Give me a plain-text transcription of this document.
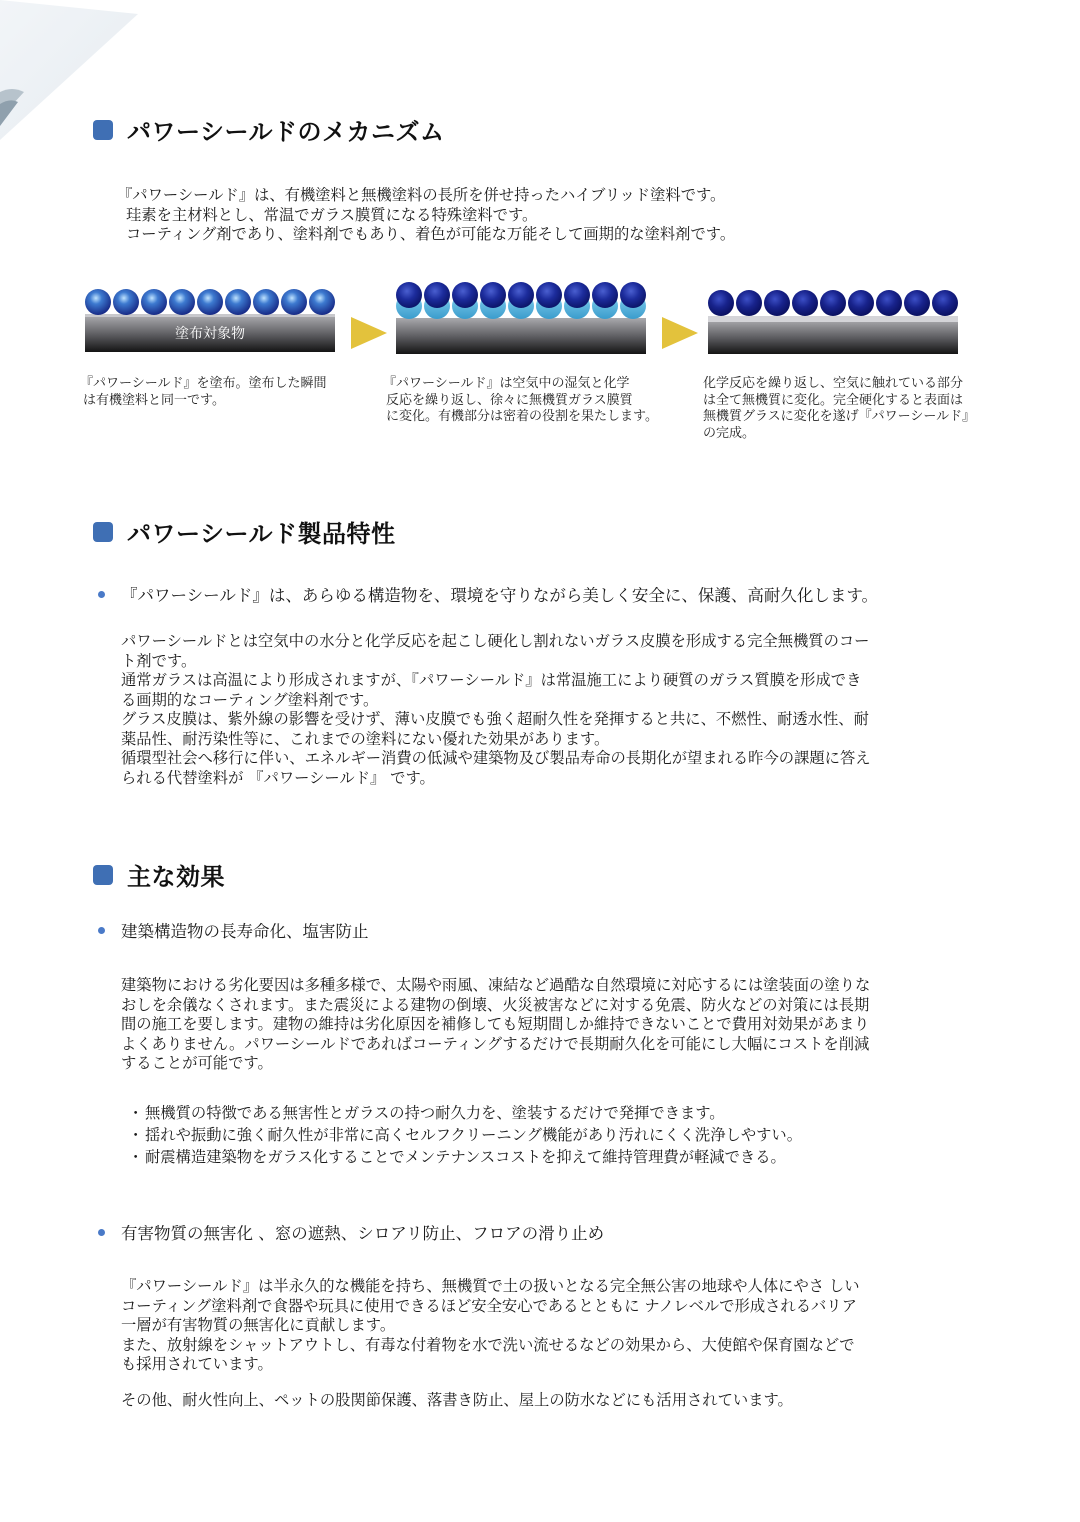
パワーシールドのメカニズム
『パワーシールド』は、有機塗料と無機塗料の長所を併せ持ったハイブリッド塗料です。
珪素を主材料とし、常温でガラス膜質になる特殊塗料です。
コーティング剤であり、塗料剤でもあり、着色が可能な万能そして画期的な塗料剤です。
塗布対象物
『パワーシールド』を塗布。塗布した瞬間
は有機塗料と同一です。
『パワーシールド』は空気中の湿気と化学
反応を繰り返し、徐々に無機質ガラス膜質
に変化。有機部分は密着の役割を果たします。
化学反応を繰り返し、空気に触れている部分
は全て無機質に変化。完全硬化すると表面は
無機質グラスに変化を遂げ『パワーシールド』
の完成。
パワーシールド製品特性
『パワーシールド』は、あらゆる構造物を、環境を守りながら美しく安全に、保護、高耐久化します。
パワーシールドとは空気中の水分と化学反応を起こし硬化し割れないガラス皮膜を形成する完全無機質のコー
ト剤です。
通常ガラスは高温により形成されますが、『パワーシールド』は常温施工により硬質のガラス質膜を形成でき
る画期的なコーティング塗料剤です。
グラス皮膜は、紫外線の影響を受けず、薄い皮膜でも強く超耐久性を発揮すると共に、不燃性、耐透水性、耐
薬品性、耐汚染性等に、これまでの塗料にない優れた効果があります。
循環型社会へ移行に伴い、エネルギー消費の低減や建築物及び製品寿命の長期化が望まれる昨今の課題に答え
られる代替塗料が 『パワーシールド』 です。
主な効果
建築構造物の長寿命化、塩害防止
建築物における劣化要因は多種多様で、太陽や雨風、凍結など過酷な自然環境に対応するには塗装面の塗りな
おしを余儀なくされます。また震災による建物の倒壊、火災被害などに対する免震、防火などの対策には長期
間の施工を要します。建物の維持は劣化原因を補修しても短期間しか維持できないことで費用対効果があまり
よくありません。パワーシールドであればコーティングするだけで長期耐久化を可能にし大幅にコストを削減
することが可能です。
・ 無機質の特徴である無害性とガラスの持つ耐久力を、塗装するだけで発揮できます。
・ 揺れや振動に強く耐久性が非常に高くセルフクリーニング機能があり汚れにくく洗浄しやすい。
・ 耐震構造建築物をガラス化することでメンテナンスコストを抑えて維持管理費が軽減できる。
有害物質の無害化 、窓の遮熱、シロアリ防止、フロアの滑り止め
『パワーシールド』は半永久的な機能を持ち、無機質で土の扱いとなる完全無公害の地球や人体にやさ しい
コーティング塗料剤で食器や玩具に使用できるほど安全安心であるとともに ナノレベルで形成されるバリア
一層が有害物質の無害化に貢献します。
また、放射線をシャットアウトし、有毒な付着物を水で洗い流せるなどの効果から、大使館や保育園などで
も採用されています。
その他、耐火性向上、ペットの股関節保護、落書き防止、屋上の防水などにも活用されています。
